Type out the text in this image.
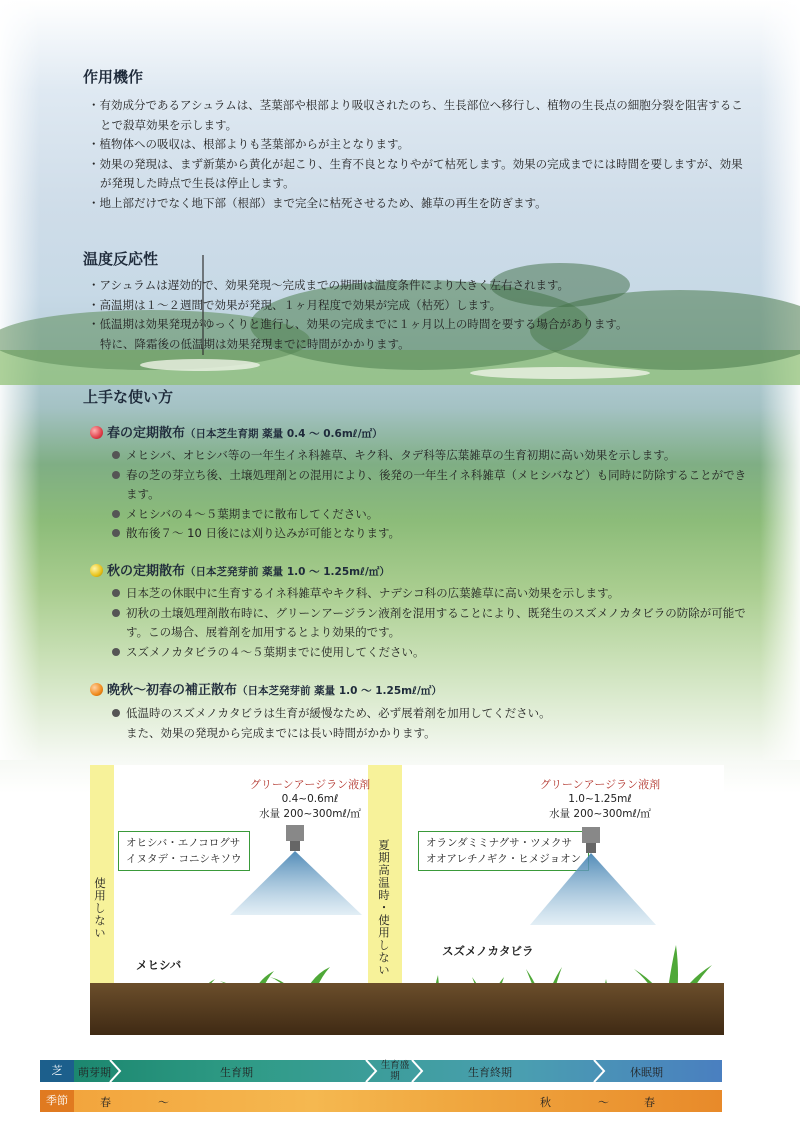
作用機作
・有効成分であるアシュラムは、茎葉部や根部より吸収されたのち、生長部位へ移行し、植物の生長点の細胞分裂を阻害することで殺草効果を示します。
・植物体への吸収は、根部よりも茎葉部からが主となります。
・効果の発現は、まず新葉から黄化が起こり、生育不良となりやがて枯死します。効果の完成までには時間を要しますが、効果が発現した時点で生長は停止します。
・地上部だけでなく地下部（根部）まで完全に枯死させるため、雑草の再生を防ぎます。
温度反応性
・アシュラムは遅効的で、効果発現～完成までの期間は温度条件により大きく左右されます。
・高温期は１～２週間で効果が発現、１ヶ月程度で効果が完成（枯死）します。
・低温期は効果発現がゆっくりと進行し、効果の完成までに１ヶ月以上の時間を要する場合があります。
特に、降霜後の低温期は効果発現までに時間がかかります。
上手な使い方
春の定期散布（日本芝生育期 薬量 0.4 ～ 0.6mℓ/㎡）
メヒシバ、オヒシバ等の一年生イネ科雑草、キク科、タデ科等広葉雑草の生育初期に高い効果を示します。
春の芝の芽立ち後、土壌処理剤との混用により、後発の一年生イネ科雑草（メヒシバなど）も同時に防除することができます。
メヒシバの４～５葉期までに散布してください。
散布後７～ 10 日後には刈り込みが可能となります。
秋の定期散布（日本芝発芽前 薬量 1.0 ～ 1.25mℓ/㎡）
日本芝の休眠中に生育するイネ科雑草やキク科、ナデシコ科の広葉雑草に高い効果を示します。
初秋の土壌処理剤散布時に、グリーンアージラン液剤を混用することにより、既発生のスズメノカタビラの防除が可能です。この場合、展着剤を加用するとより効果的です。
スズメノカタビラの４～５葉期までに使用してください。
晩秋～初春の補正散布（日本芝発芽前 薬量 1.0 ～ 1.25mℓ/㎡）
低温時のスズメノカタビラは生育が緩慢なため、必ず展着剤を加用してください。
また、効果の発現から完成までには長い時間がかかります。
使用しない	夏期高温時・使用しない
グリーンアージラン液剤
0.4~0.6mℓ
水量 200~300mℓ/㎡
グリーンアージラン液剤
1.0~1.25mℓ
水量 200~300mℓ/㎡
オヒシバ・エノコログサ
イヌタデ・コニシキソウ
オランダミミナグサ・ツメクサ
オオアレチノギク・ヒメジョオン
メヒシバ
スズメノカタビラ
萌芽期	生育期
生育盛期	生育終期	休眠期
芝
春	～	秋	～	春
季節
